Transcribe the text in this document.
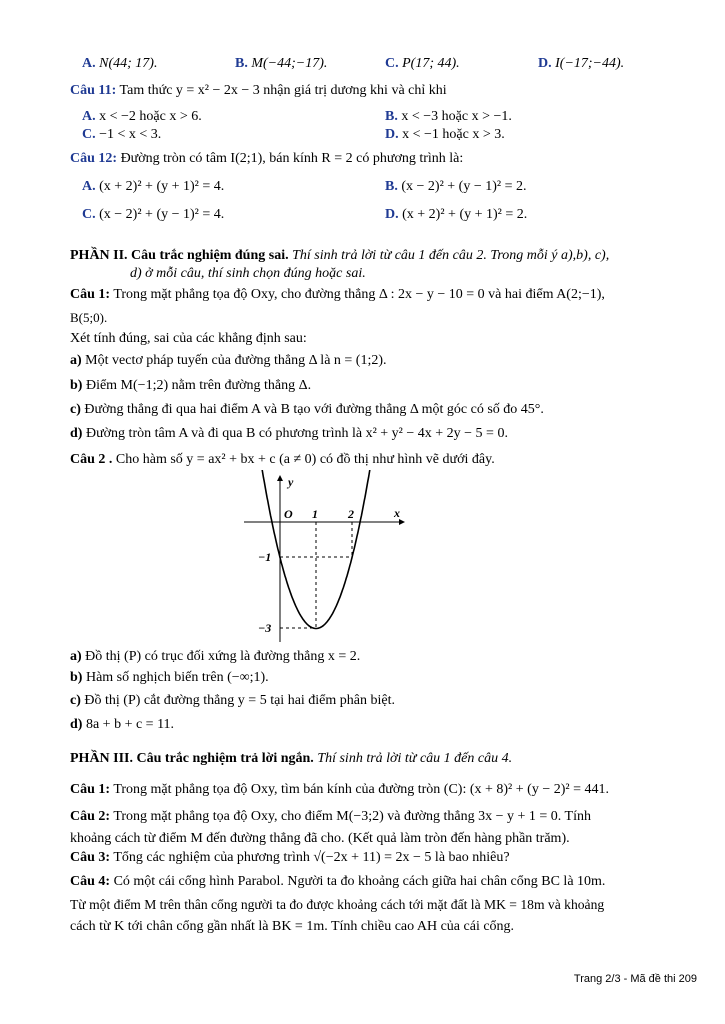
A. N(44; 17).	B. M(−44;−17).	C. P(17; 44).	D. I(−17;−44).
Câu 11: Tam thức y = x² − 2x − 3 nhận giá trị dương khi và chỉ khi
A. x < −2 hoặc x > 6.	B. x < −3 hoặc x > −1.
C. −1 < x < 3.	D. x < −1 hoặc x > 3.
Câu 12: Đường tròn có tâm I(2;1), bán kính R = 2 có phương trình là:
A. (x + 2)² + (y + 1)² = 4.	B. (x − 2)² + (y − 1)² = 2.
C. (x − 2)² + (y − 1)² = 4.	D. (x + 2)² + (y + 1)² = 2.
PHẦN II. Câu trắc nghiệm đúng sai. Thí sinh trả lời từ câu 1 đến câu 2. Trong mỗi ý a),b), c),
d) ở mỗi câu, thí sinh chọn đúng hoặc sai.
Câu 1: Trong mặt phẳng tọa độ Oxy, cho đường thẳng Δ : 2x − y − 10 = 0 và hai điểm A(2;−1),
B(5;0).
Xét tính đúng, sai của các khẳng định sau:
a) Một vectơ pháp tuyến của đường thẳng Δ là n = (1;2).
b) Điểm M(−1;2) nằm trên đường thẳng Δ.
c) Đường thẳng đi qua hai điểm A và B tạo với đường thẳng Δ một góc có số đo 45°.
d) Đường tròn tâm A và đi qua B có phương trình là x² + y² − 4x + 2y − 5 = 0.
Câu 2 . Cho hàm số y = ax² + bx + c (a ≠ 0) có đồ thị như hình vẽ dưới đây.
y
x
O 1	2
−1
−3
a) Đồ thị (P) có trục đối xứng là đường thẳng x = 2.
b) Hàm số nghịch biến trên (−∞;1).
c) Đồ thị (P) cắt đường thẳng y = 5 tại hai điểm phân biệt.
d) 8a + b + c = 11.
PHẦN III. Câu trắc nghiệm trả lời ngắn. Thí sinh trả lời từ câu 1 đến câu 4.
Câu 1: Trong mặt phẳng tọa độ Oxy, tìm bán kính của đường tròn (C): (x + 8)² + (y − 2)² = 441.
Câu 2: Trong mặt phẳng tọa độ Oxy, cho điểm M(−3;2) và đường thẳng 3x − y + 1 = 0. Tính
khoảng cách từ điểm M đến đường thẳng đã cho. (Kết quả làm tròn đến hàng phần trăm).
Câu 3: Tổng các nghiệm của phương trình √(−2x + 11) = 2x − 5 là bao nhiêu?
Câu 4: Có một cái cổng hình Parabol. Người ta đo khoảng cách giữa hai chân cổng BC là 10m.
Từ một điểm M trên thân cổng người ta đo được khoảng cách tới mặt đất là MK = 18m và khoảng
cách từ K tới chân cổng gần nhất là BK = 1m. Tính chiều cao AH của cái cổng.
Trang 2/3 - Mã đề thi 209
